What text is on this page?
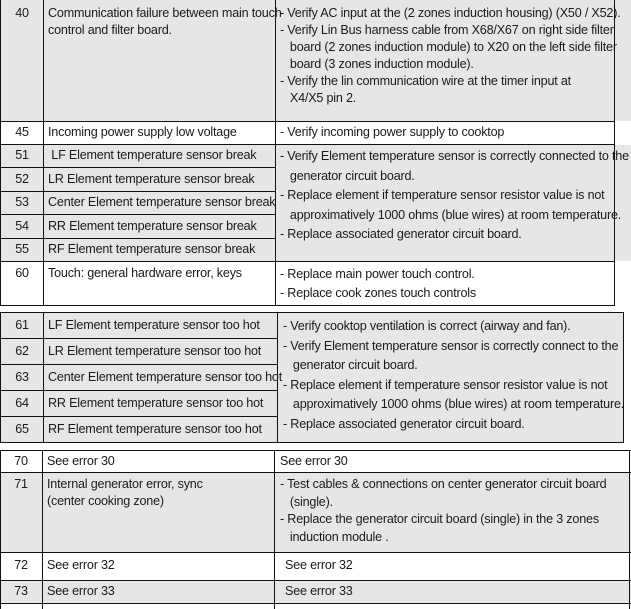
40	Communication failure between main touch
control and filter board.
- Verify AC input at the (2 zones induction housing) (X50 / X52).
- Verify Lin Bus harness cable from X68/X67 on right side filter
board (2 zones induction module) to X20 on the left side filter
board (3 zones induction module).
- Verify the lin communication wire at the timer input at
X4/X5 pin 2.
45	Incoming power supply low voltage	- Verify incoming power supply to cooktop
51	LF Element temperature sensor break
52	LR Element temperature sensor break
53	Center Element temperature sensor break
54	RR Element temperature sensor break
55	RF Element temperature sensor break
- Verify Element temperature sensor is correctly connected to the
generator circuit board.
- Replace element if temperature sensor resistor value is not
approximatively 1000 ohms (blue wires) at room temperature.
- Replace associated generator circuit board.
60	Touch: general hardware error, keys	- Replace main power touch control.
- Replace cook zones touch controls
61	LF Element temperature sensor too hot
62	LR Element temperature sensor too hot
63	Center Element temperature sensor too hot
64	RR Element temperature sensor too hot
65	RF Element temperature sensor too hot
- Verify cooktop ventilation is correct (airway and fan).
- Verify Element temperature sensor is correctly connect to the
generator circuit board.
- Replace element if temperature sensor resistor value is not
approximatively 1000 ohms (blue wires) at room temperature.
- Replace associated generator circuit board.
70	See error 30	See error 30
71	Internal generator error, sync
(center cooking zone)
- Test cables & connections on center generator circuit board
(single).
- Replace the generator circuit board (single) in the 3 zones
induction module .
72	See error 32	See error 32
73	See error 33	See error 33
